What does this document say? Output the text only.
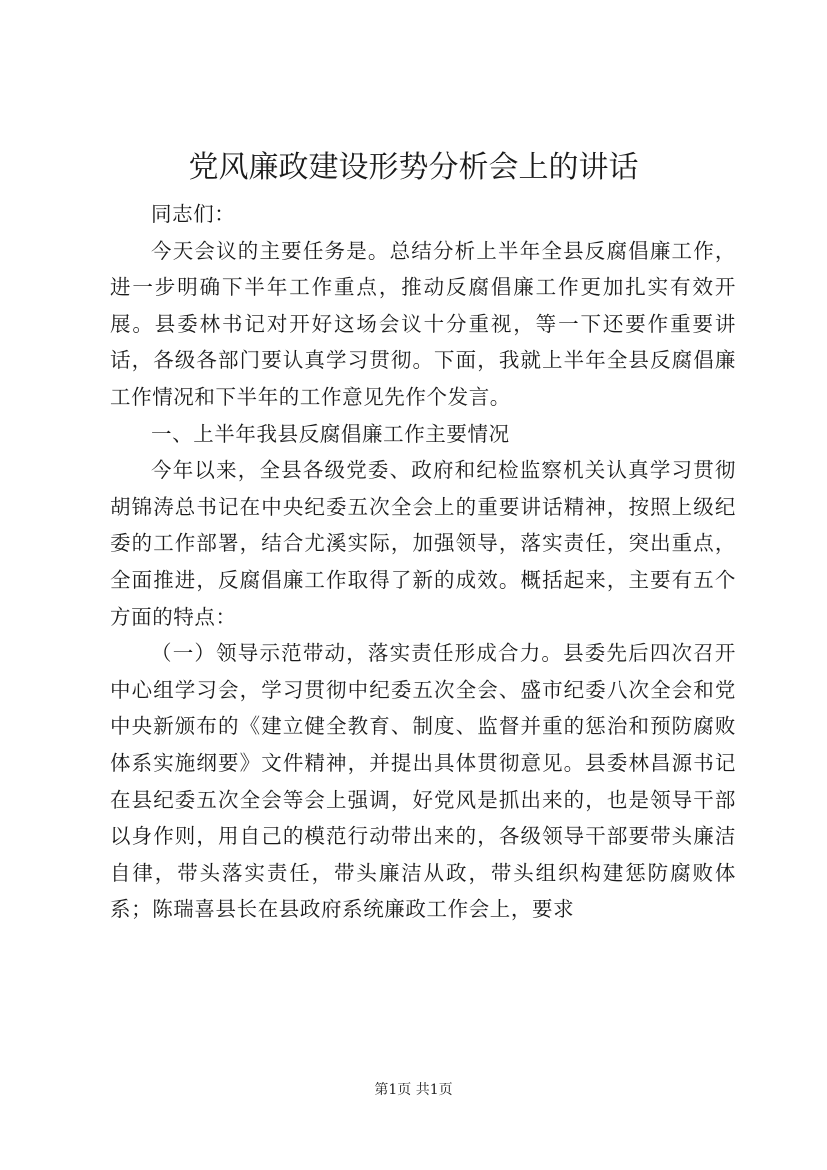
党风廉政建设形势分析会上的讲话

同志们：

今天会议的主要任务是。总结分析上半年全县反腐倡廉工作，进一步明确下半年工作重点，推动反腐倡廉工作更加扎实有效开展。县委林书记对开好这场会议十分重视，等一下还要作重要讲话，各级各部门要认真学习贯彻。下面，我就上半年全县反腐倡廉工作情况和下半年的工作意见先作个发言。

一、上半年我县反腐倡廉工作主要情况

今年以来，全县各级党委、政府和纪检监察机关认真学习贯彻胡锦涛总书记在中央纪委五次全会上的重要讲话精神，按照上级纪委的工作部署，结合尤溪实际，加强领导，落实责任，突出重点，全面推进，反腐倡廉工作取得了新的成效。概括起来，主要有五个方面的特点：

（一）领导示范带动，落实责任形成合力。县委先后四次召开中心组学习会，学习贯彻中纪委五次全会、盛市纪委八次全会和党中央新颁布的《建立健全教育、制度、监督并重的惩治和预防腐败体系实施纲要》文件精神，并提出具体贯彻意见。县委林昌源书记在县纪委五次全会等会上强调，好党风是抓出来的，也是领导干部以身作则，用自己的模范行动带出来的，各级领导干部要带头廉洁自律，带头落实责任，带头廉洁从政，带头组织构建惩防腐败体系；陈瑞喜县长在县政府系统廉政工作会上，要求

第1页 共1页
